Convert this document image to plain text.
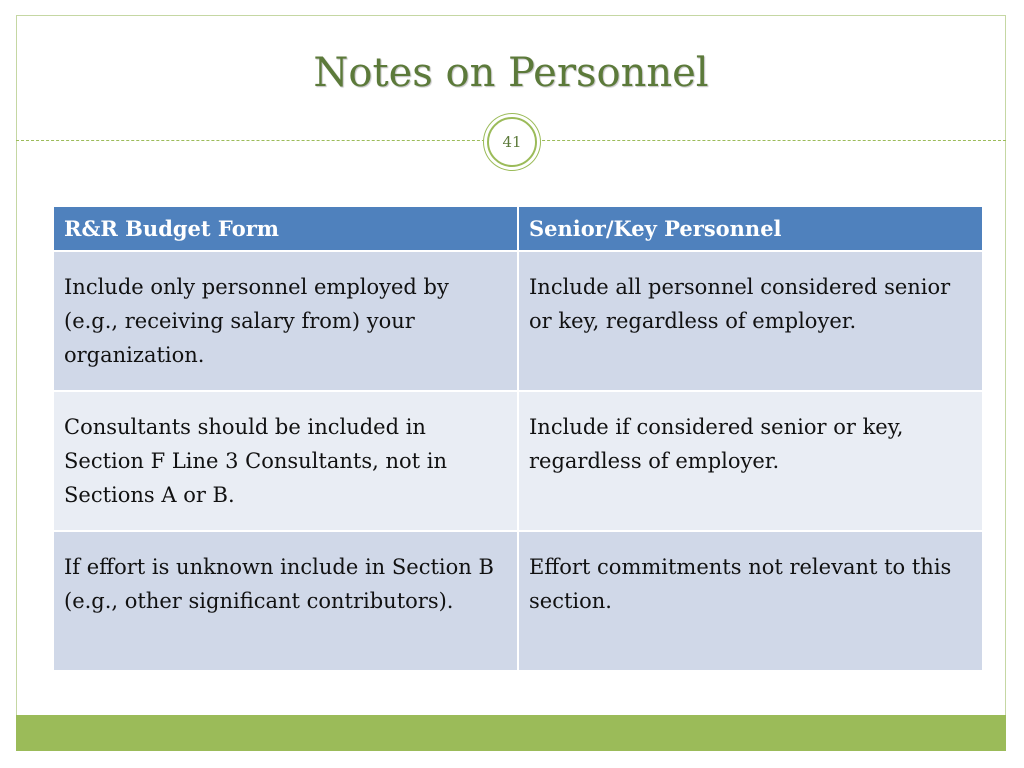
Notes on Personnel
41
R&R Budget Form	Senior/Key Personnel
Include only personnel employed by (e.g., receiving salary from) your organization.	Include all personnel considered senior or key, regardless of employer.
Consultants should be included in Section F Line 3 Consultants, not in Sections A or B.	Include if considered senior or key, regardless of employer.
If effort is unknown include in Section B (e.g., other significant contributors).	Effort commitments not relevant to this section.
